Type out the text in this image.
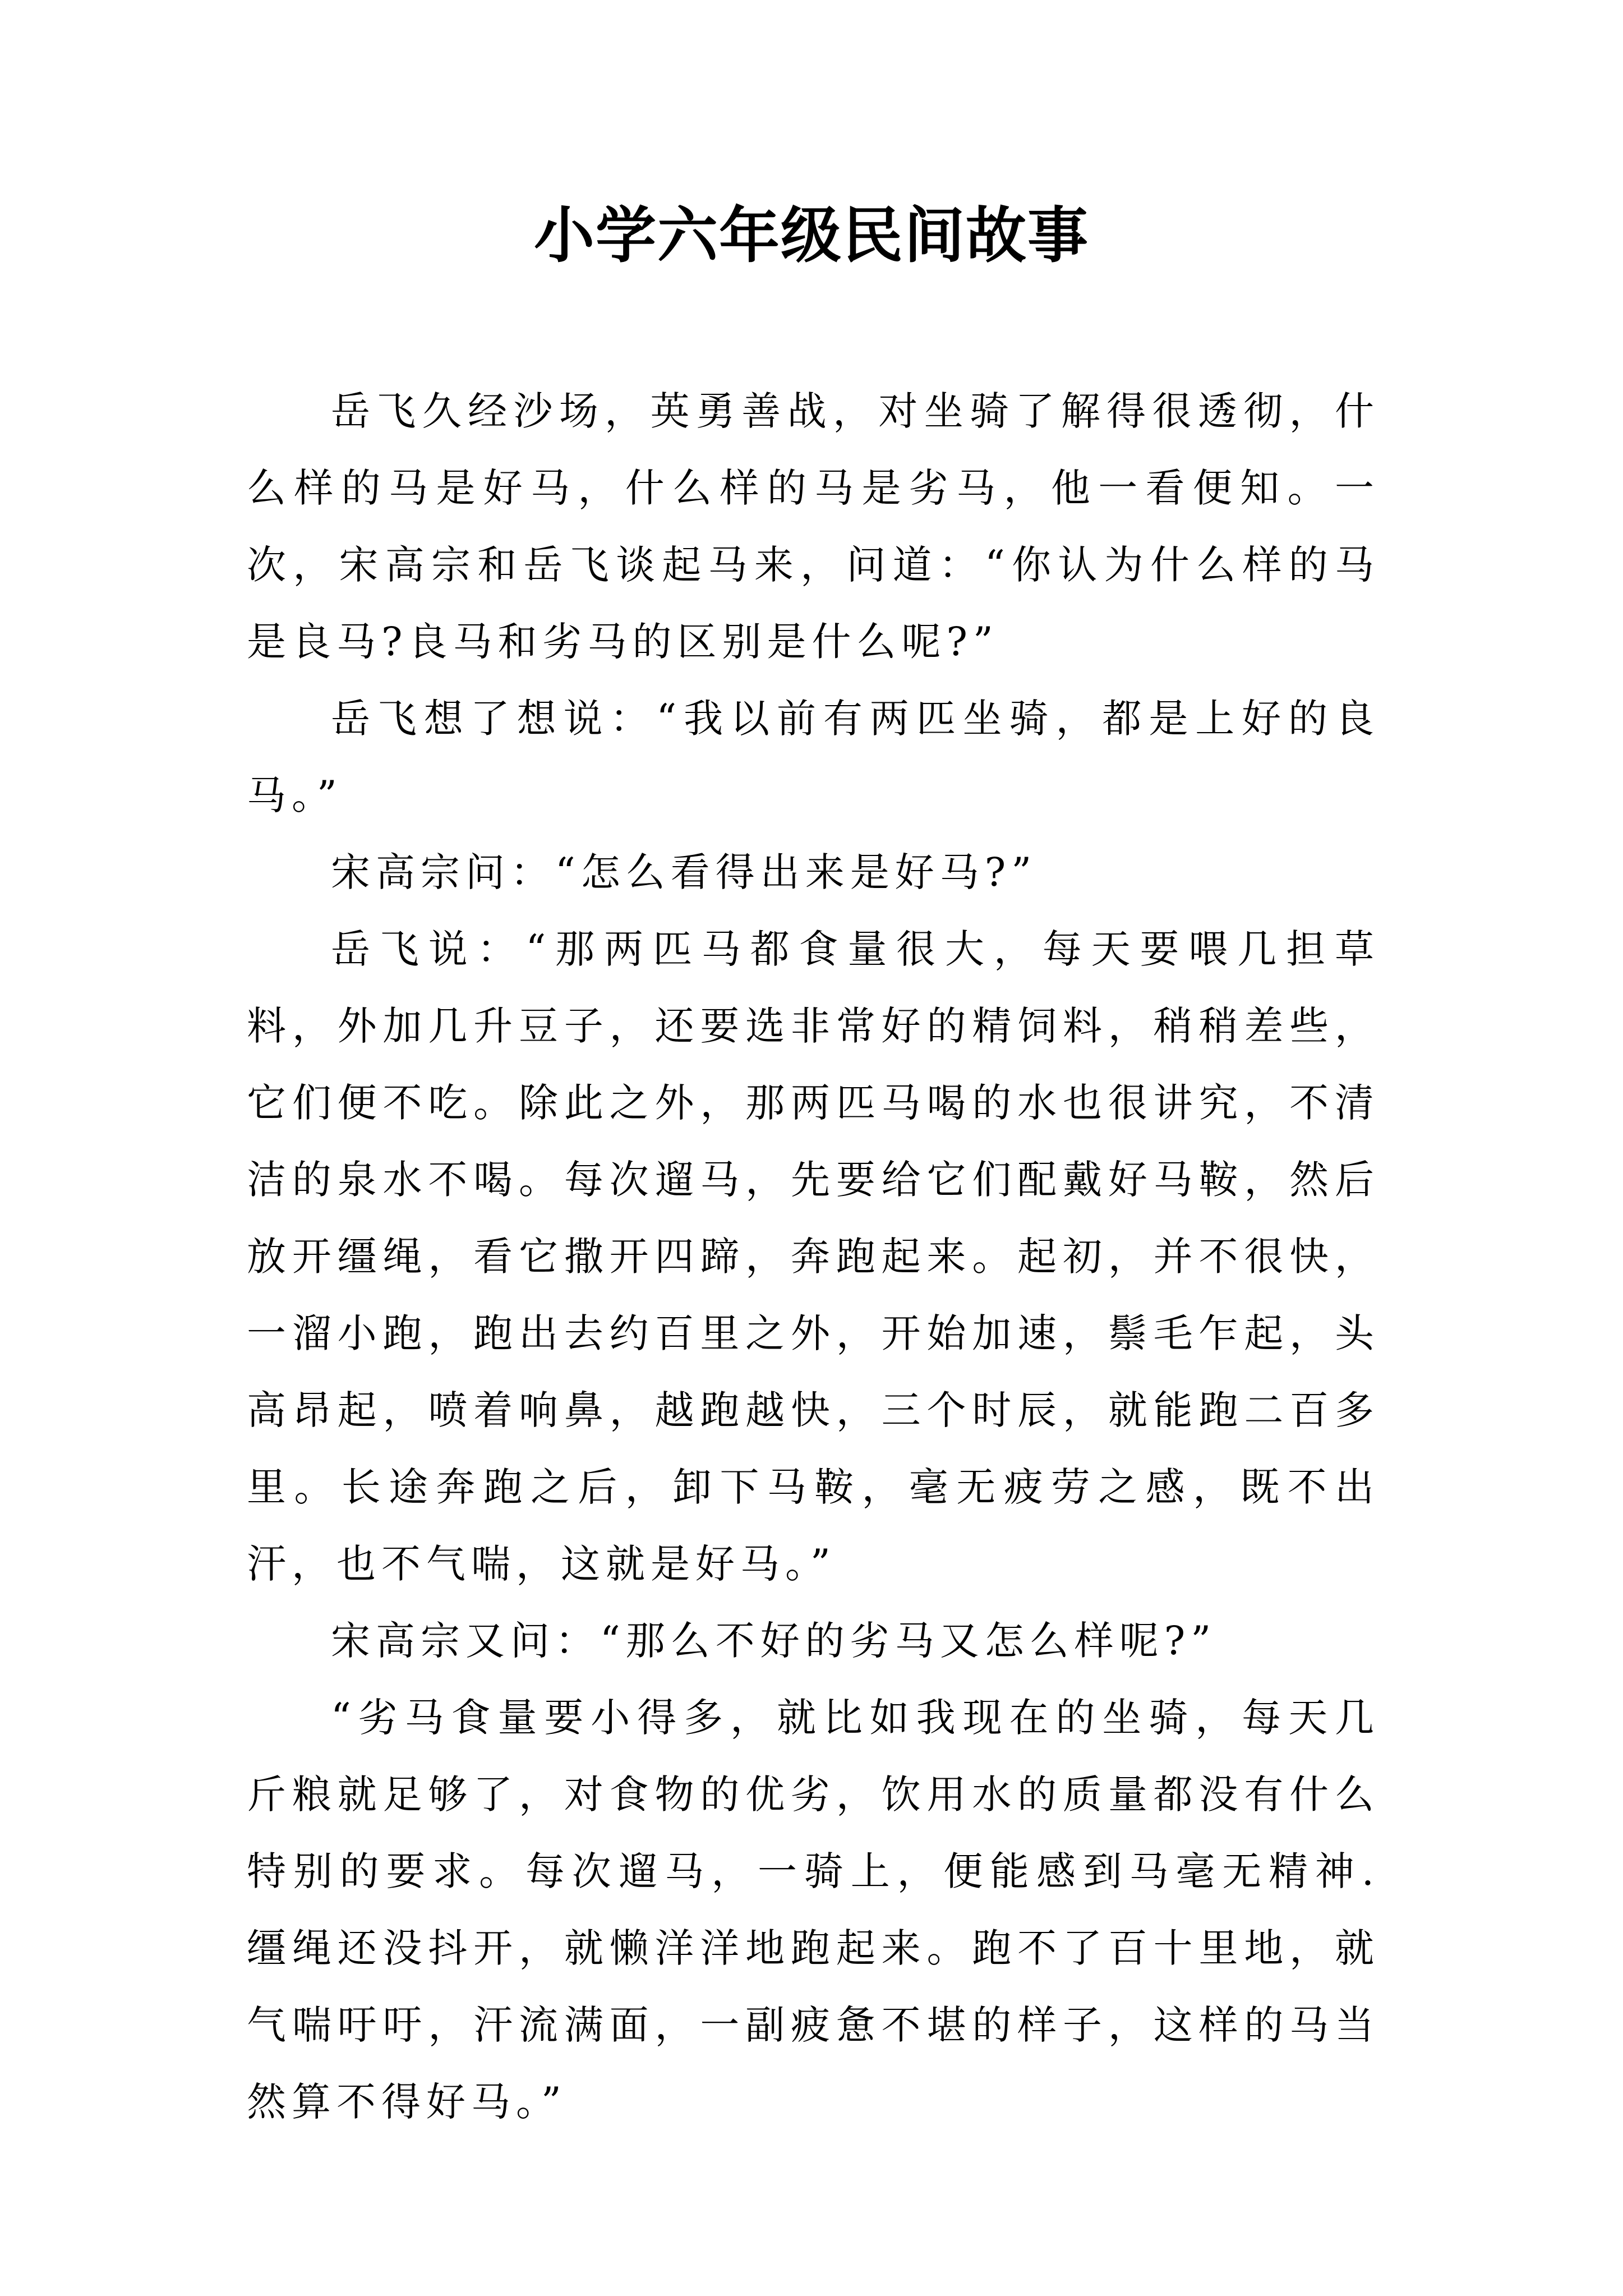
小学六年级民间故事

岳飞久经沙场，英勇善战，对坐骑了解得很透彻，什么样的马是好马，什么样的马是劣马，他一看便知。一次，宋高宗和岳飞谈起马来，问道：“你认为什么样的马是良马?良马和劣马的区别是什么呢?”

岳飞想了想说：“我以前有两匹坐骑，都是上好的良马。”

宋高宗问：“怎么看得出来是好马?”

岳飞说：“那两匹马都食量很大，每天要喂几担草料，外加几升豆子，还要选非常好的精饲料，稍稍差些，它们便不吃。除此之外，那两匹马喝的水也很讲究，不清洁的泉水不喝。每次遛马，先要给它们配戴好马鞍，然后放开缰绳，看它撒开四蹄，奔跑起来。起初，并不很快，一溜小跑，跑出去约百里之外，开始加速，鬃毛乍起，头高昂起，喷着响鼻，越跑越快，三个时辰，就能跑二百多里。长途奔跑之后，卸下马鞍，毫无疲劳之感，既不出汗，也不气喘，这就是好马。”

宋高宗又问：“那么不好的劣马又怎么样呢?”

“劣马食量要小得多，就比如我现在的坐骑，每天几斤粮就足够了，对食物的优劣，饮用水的质量都没有什么特别的要求。每次遛马，一骑上，便能感到马毫无精神.缰绳还没抖开，就懒洋洋地跑起来。跑不了百十里地，就气喘吁吁，汗流满面，一副疲惫不堪的样子，这样的马当然算不得好马。”
